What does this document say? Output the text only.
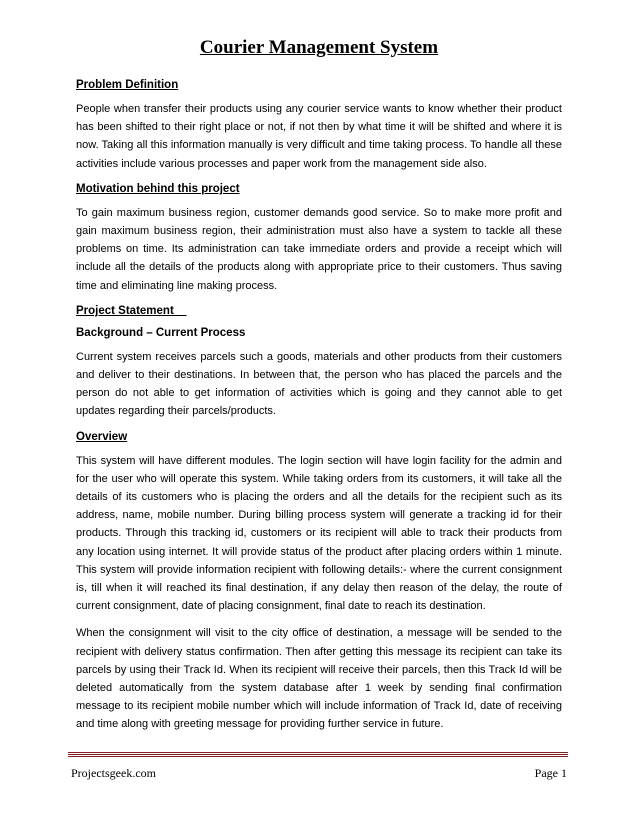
Courier Management System
Problem Definition

People when transfer their products using any courier service wants to know whether their product has been shifted to their right place or not, if not then by what time it will be shifted and where it is now. Taking all this information manually is very difficult and time taking process. To handle all these activities include various processes and paper work from the management side also.

Motivation behind this project

To gain maximum business region, customer demands good service. So to make more profit and gain maximum business region, their administration must also have a system to tackle all these problems on time. Its administration can take immediate orders and provide a receipt which will include all the details of the products along with appropriate price to their customers. Thus saving time and eliminating line making process.

Project Statement
Background – Current Process

Current system receives parcels such a goods, materials and other products from their customers and deliver to their destinations. In between that, the person who has placed the parcels and the person do not able to get information of activities which is going and they cannot able to get updates regarding their parcels/products.

Overview

This system will have different modules. The login section will have login facility for the admin and for the user who will operate this system. While taking orders from its customers, it will take all the details of its customers who is placing the orders and all the details for the recipient such as its address, name, mobile number. During billing process system will generate a tracking id for their products. Through this tracking id, customers or its recipient will able to track their products from any location using internet. It will provide status of the product after placing orders within 1 minute. This system will provide information recipient with following details:- where the current consignment is, till when it will reached its final destination, if any delay then reason of the delay, the route of current consignment, date of placing consignment, final date to reach its destination.

When the consignment will visit to the city office of destination, a message will be sended to the recipient with delivery status confirmation. Then after getting this message its recipient can take its parcels by using their Track Id. When its recipient will receive their parcels, then this Track Id will be deleted automatically from the system database after 1 week by sending final confirmation message to its recipient mobile number which will include information of Track Id, date of receiving and time along with greeting message for providing further service in future.

Projectsgeek.com	Page 1
